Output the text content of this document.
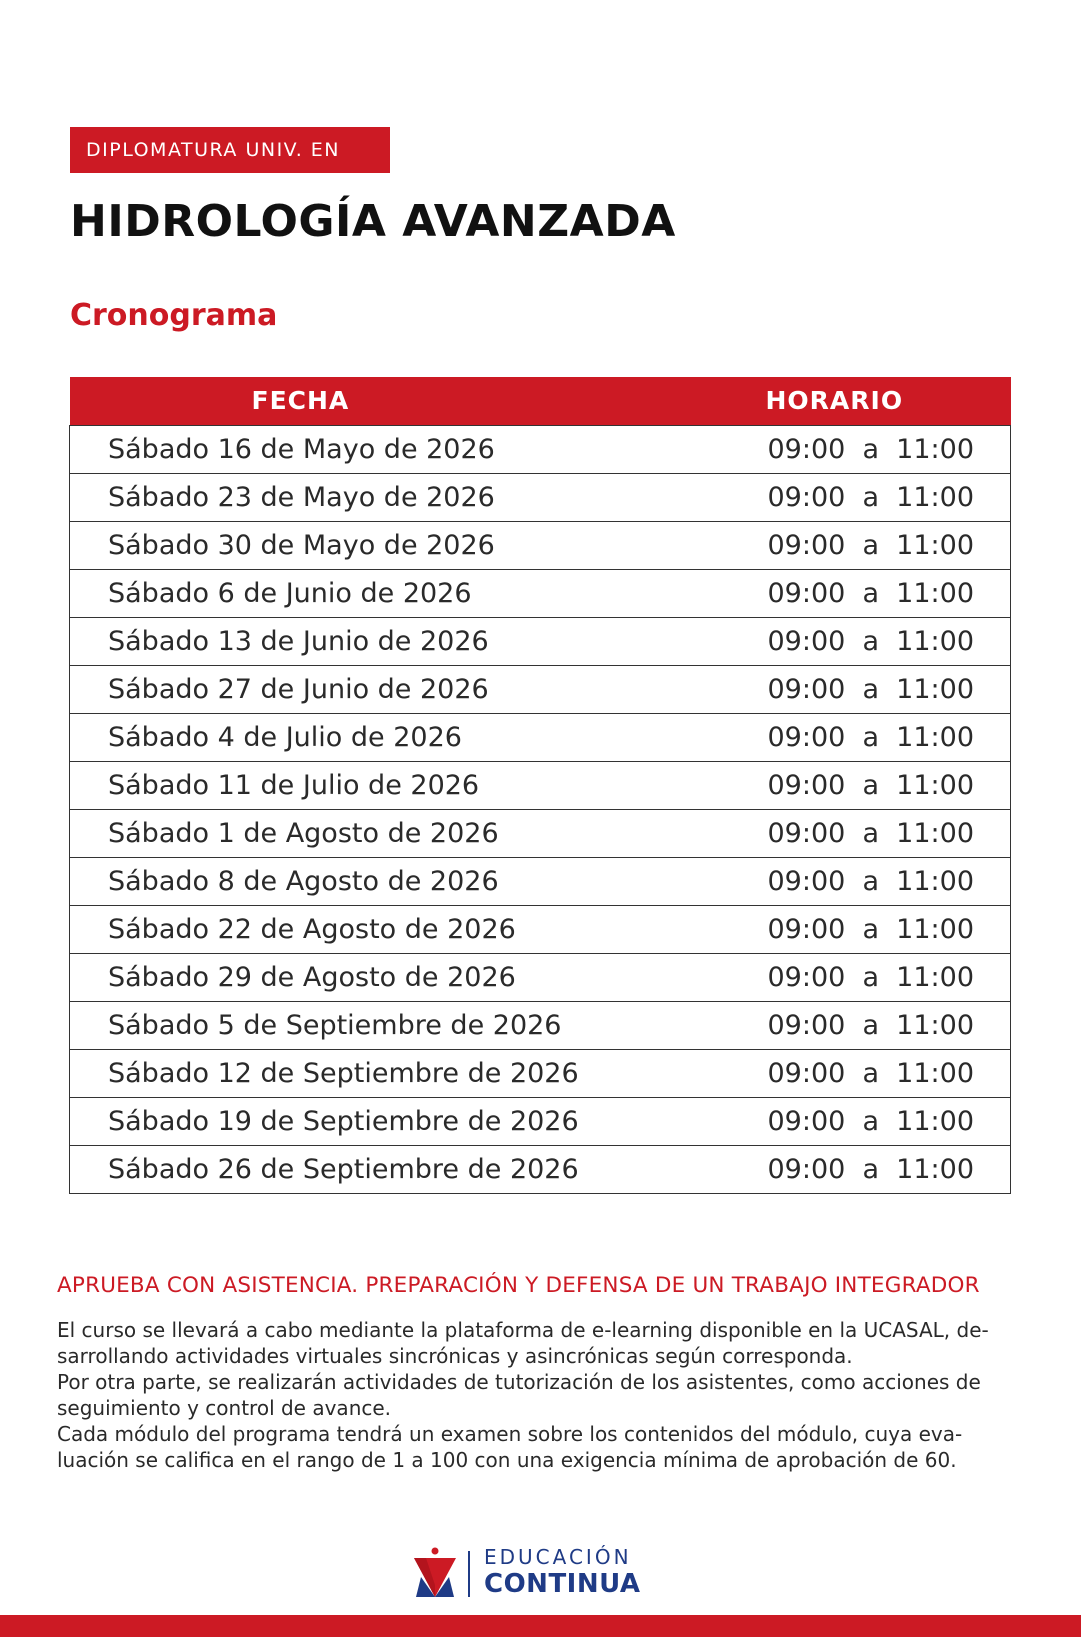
DIPLOMATURA UNIV. EN
HIDROLOGÍA AVANZADA
Cronograma
FECHA	HORARIO
Sábado 16 de Mayo de 2026	09:00  a  11:00
Sábado 23 de Mayo de 2026	09:00  a  11:00
Sábado 30 de Mayo de 2026	09:00  a  11:00
Sábado 6 de Junio de 2026	09:00  a  11:00
Sábado 13 de Junio de 2026	09:00  a  11:00
Sábado 27 de Junio de 2026	09:00  a  11:00
Sábado 4 de Julio de 2026	09:00  a  11:00
Sábado 11 de Julio de 2026	09:00  a  11:00
Sábado 1 de Agosto de 2026	09:00  a  11:00
Sábado 8 de Agosto de 2026	09:00  a  11:00
Sábado 22 de Agosto de 2026	09:00  a  11:00
Sábado 29 de Agosto de 2026	09:00  a  11:00
Sábado 5 de Septiembre de 2026	09:00  a  11:00
Sábado 12 de Septiembre de 2026	09:00  a  11:00
Sábado 19 de Septiembre de 2026	09:00  a  11:00
Sábado 26 de Septiembre de 2026	09:00  a  11:00

APRUEBA CON ASISTENCIA. PREPARACIÓN Y DEFENSA DE UN TRABAJO INTEGRADOR

El curso se llevará a cabo mediante la plataforma de e-learning disponible en la UCASAL, de-
sarrollando actividades virtuales sincrónicas y asincrónicas según corresponda.
Por otra parte, se realizarán actividades de tutorización de los asistentes, como acciones de
seguimiento y control de avance.
Cada módulo del programa tendrá un examen sobre los contenidos del módulo, cuya eva-
luación se califica en el rango de 1 a 100 con una exigencia mínima de aprobación de 60.
EDUCACIÓN
CONTINUA
